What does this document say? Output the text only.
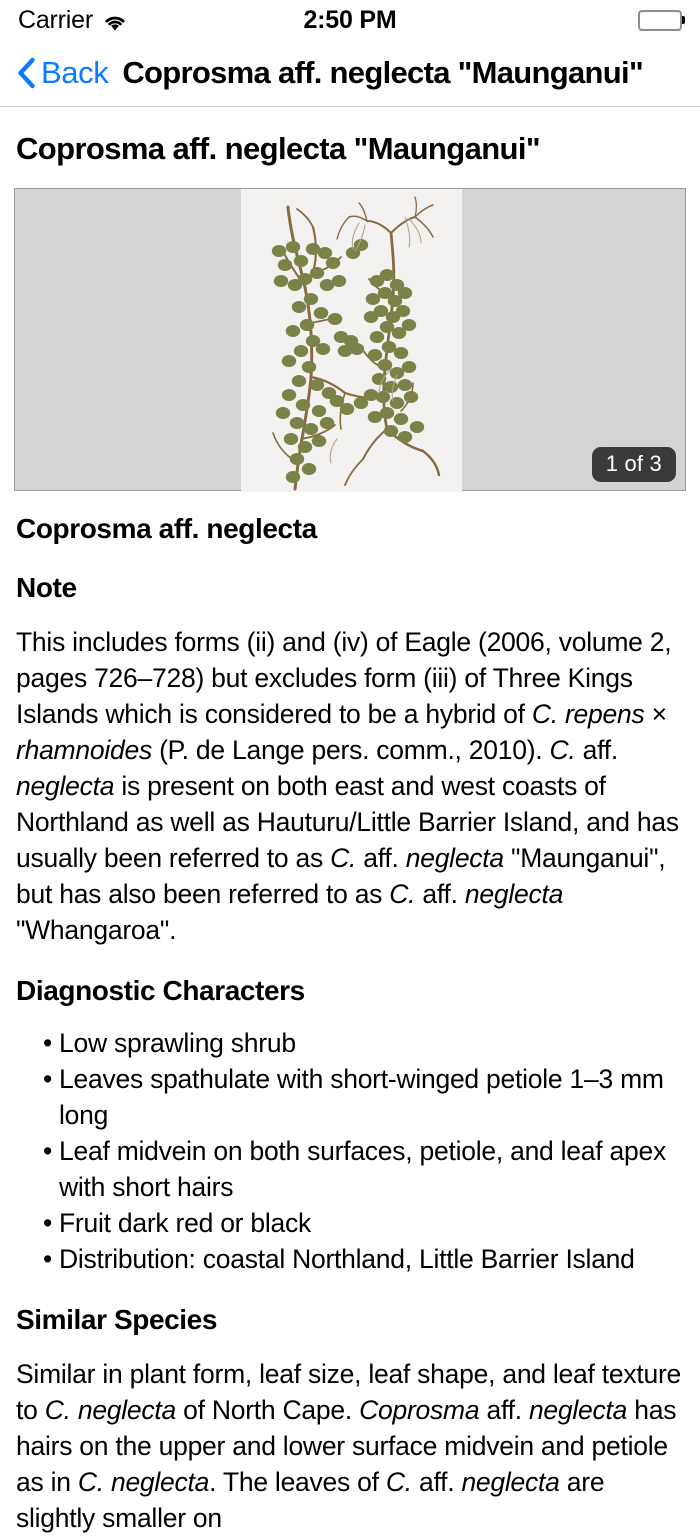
Carrier	2:50 PM
Back Coprosma aff. neglecta "Maunganui"
Coprosma aff. neglecta "Maunganui"
1 of 3
Coprosma aff. neglecta
Note

This includes forms (ii) and (iv) of Eagle (2006, volume 2, pages 726–728) but excludes form (iii) of Three Kings Islands which is considered to be a hybrid of C. repens × rhamnoides (P. de Lange pers. comm., 2010). C. aff. neglecta is present on both east and west coasts of Northland as well as Hauturu/Little Barrier Island, and has usually been referred to as C. aff. neglecta "Maunganui", but has also been referred to as C. aff. neglecta "Whangaroa".

Diagnostic Characters
• Low sprawling shrub
• Leaves spathulate with short-winged petiole 1–3 mm long
• Leaf midvein on both surfaces, petiole, and leaf apex with short hairs
• Fruit dark red or black
• Distribution: coastal Northland, Little Barrier Island
Similar Species

Similar in plant form, leaf size, leaf shape, and leaf texture to C. neglecta of North Cape. Coprosma aff. neglecta has hairs on the upper and lower surface midvein and petiole as in C. neglecta. The leaves of C. aff. neglecta are slightly smaller on
